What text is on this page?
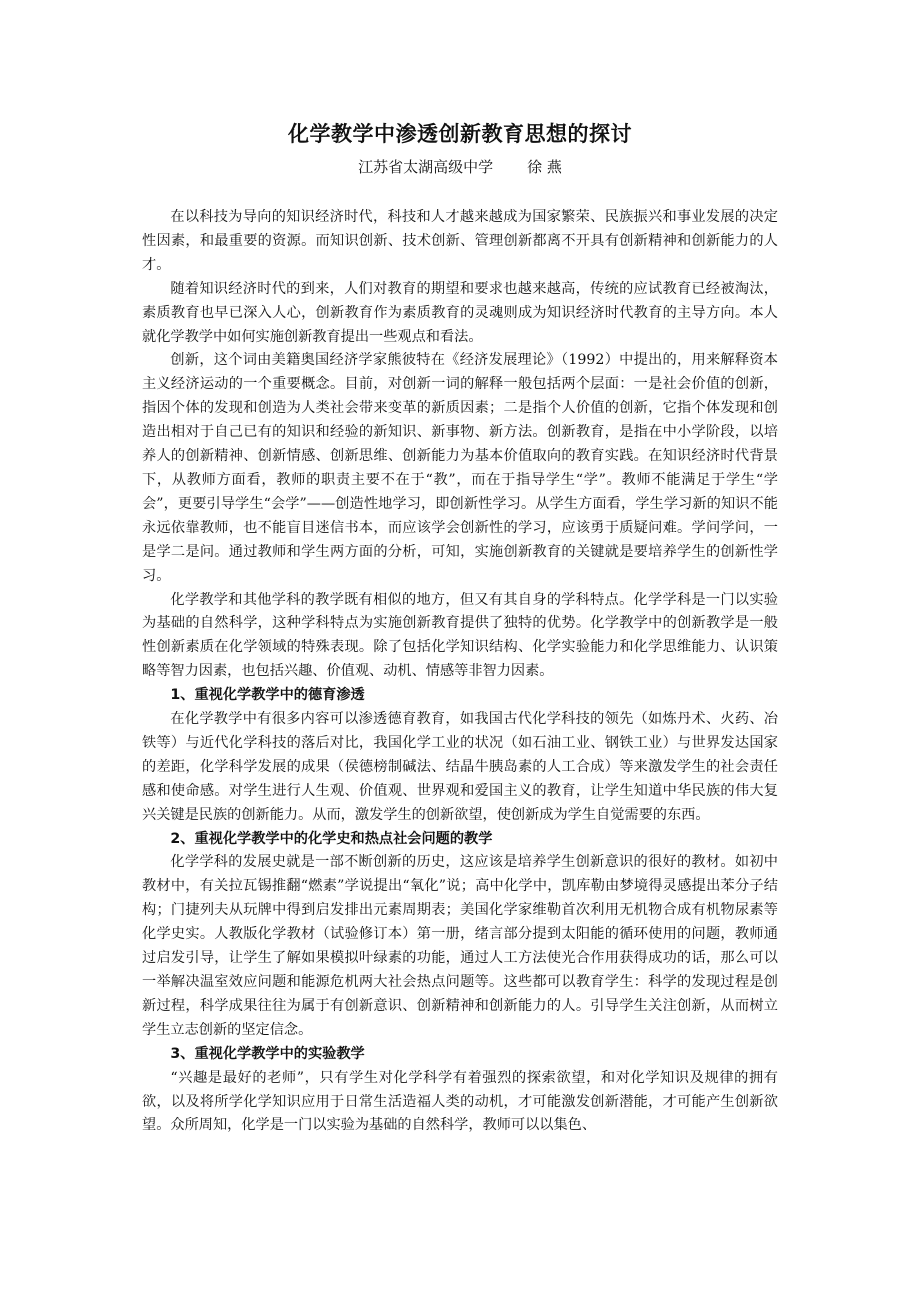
化学教学中渗透创新教育思想的探讨
江苏省太湖高级中学 徐 燕

在以科技为导向的知识经济时代，科技和人才越来越成为国家繁荣、民族振兴和事业发展的决定性因素，和最重要的资源。而知识创新、技术创新、管理创新都离不开具有创新精神和创新能力的人才。

随着知识经济时代的到来，人们对教育的期望和要求也越来越高，传统的应试教育已经被淘汰，素质教育也早已深入人心，创新教育作为素质教育的灵魂则成为知识经济时代教育的主导方向。本人就化学教学中如何实施创新教育提出一些观点和看法。

创新，这个词由美籍奥国经济学家熊彼特在《经济发展理论》（1992）中提出的，用来解释资本主义经济运动的一个重要概念。目前，对创新一词的解释一般包括两个层面：一是社会价值的创新，指因个体的发现和创造为人类社会带来变革的新质因素；二是指个人价值的创新，它指个体发现和创造出相对于自己已有的知识和经验的新知识、新事物、新方法。创新教育，是指在中小学阶段，以培养人的创新精神、创新情感、创新思维、创新能力为基本价值取向的教育实践。在知识经济时代背景下，从教师方面看，教师的职责主要不在于“教”，而在于指导学生“学”。教师不能满足于学生“学会”，更要引导学生“会学”——创造性地学习，即创新性学习。从学生方面看，学生学习新的知识不能永远依靠教师，也不能盲目迷信书本，而应该学会创新性的学习，应该勇于质疑问难。学问学问，一是学二是问。通过教师和学生两方面的分析，可知，实施创新教育的关键就是要培养学生的创新性学习。

化学教学和其他学科的教学既有相似的地方，但又有其自身的学科特点。化学学科是一门以实验为基础的自然科学，这种学科特点为实施创新教育提供了独特的优势。化学教学中的创新教学是一般性创新素质在化学领域的特殊表现。除了包括化学知识结构、化学实验能力和化学思维能力、认识策略等智力因素，也包括兴趣、价值观、动机、情感等非智力因素。

1、重视化学教学中的德育渗透

在化学教学中有很多内容可以渗透德育教育，如我国古代化学科技的领先（如炼丹术、火药、冶铁等）与近代化学科技的落后对比，我国化学工业的状况（如石油工业、钢铁工业）与世界发达国家的差距，化学科学发展的成果（侯德榜制碱法、结晶牛胰岛素的人工合成）等来激发学生的社会责任感和使命感。对学生进行人生观、价值观、世界观和爱国主义的教育，让学生知道中华民族的伟大复兴关键是民族的创新能力。从而，激发学生的创新欲望，使创新成为学生自觉需要的东西。

2、重视化学教学中的化学史和热点社会问题的教学

化学学科的发展史就是一部不断创新的历史，这应该是培养学生创新意识的很好的教材。如初中教材中，有关拉瓦锡推翻“燃素”学说提出“氧化”说；高中化学中，凯库勒由梦境得灵感提出苯分子结构；门捷列夫从玩牌中得到启发排出元素周期表；美国化学家维勒首次利用无机物合成有机物尿素等化学史实。人教版化学教材（试验修订本）第一册，绪言部分提到太阳能的循环使用的问题，教师通过启发引导，让学生了解如果模拟叶绿素的功能，通过人工方法使光合作用获得成功的话，那么可以一举解决温室效应问题和能源危机两大社会热点问题等。这些都可以教育学生：科学的发现过程是创新过程，科学成果往往为属于有创新意识、创新精神和创新能力的人。引导学生关注创新，从而树立学生立志创新的坚定信念。

3、重视化学教学中的实验教学

“兴趣是最好的老师”，只有学生对化学科学有着强烈的探索欲望，和对化学知识及规律的拥有欲，以及将所学化学知识应用于日常生活造福人类的动机，才可能激发创新潜能，才可能产生创新欲望。众所周知，化学是一门以实验为基础的自然科学，教师可以以集色、
